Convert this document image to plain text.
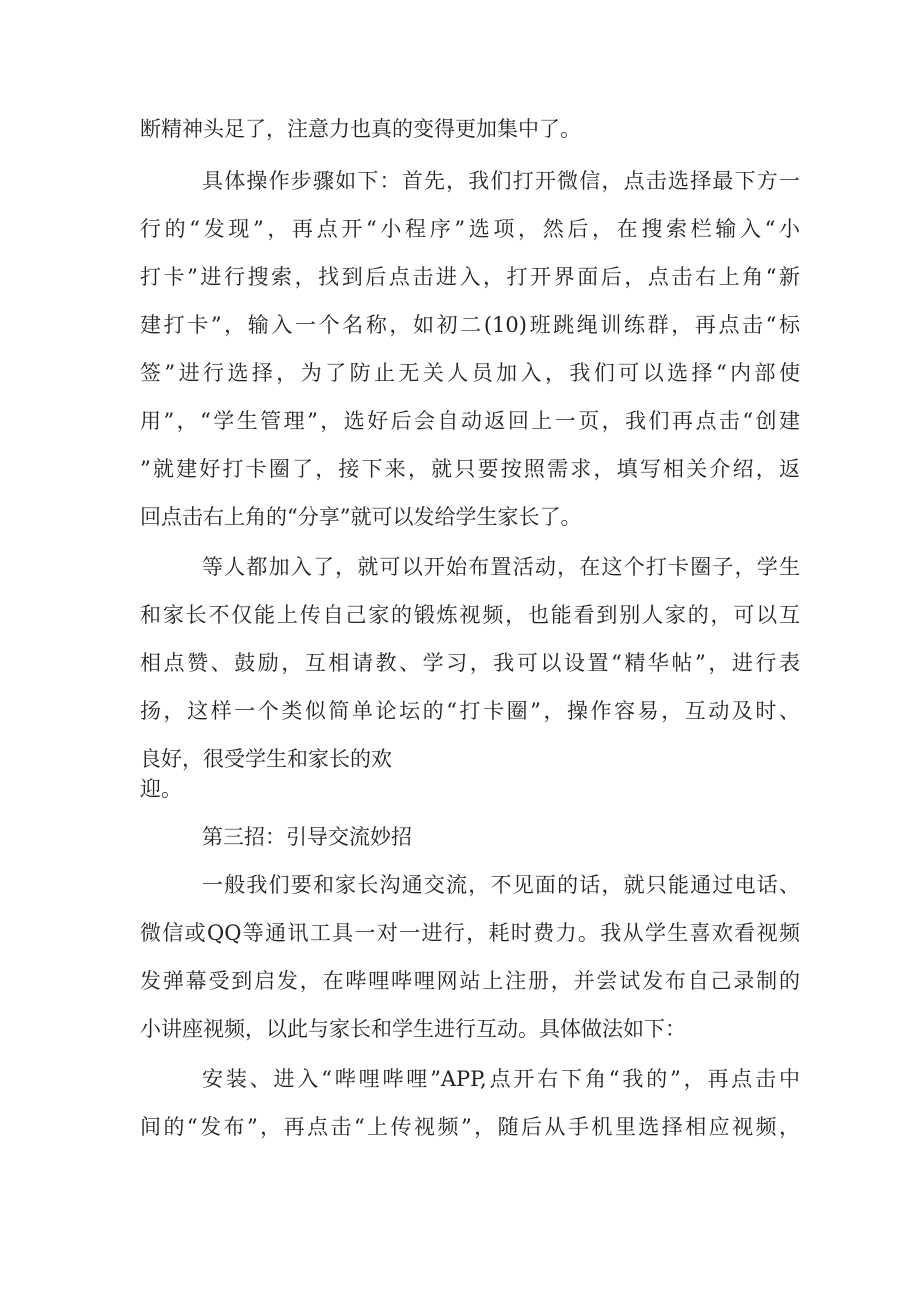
断精神头足了，注意力也真的变得更加集中了。
具体操作步骤如下：首先，我们打开微信，点击选择最下方一
行的“发现”，再点开“小程序”选项，然后，在搜索栏输入“小
打卡”进行搜索，找到后点击进入，打开界面后，点击右上角“新
建打卡”，输入一个名称，如初二(10)班跳绳训练群，再点击“标
签”进行选择，为了防止无关人员加入，我们可以选择“内部使
用”，“学生管理”，选好后会自动返回上一页，我们再点击“创建
”就建好打卡圈了，接下来，就只要按照需求，填写相关介绍，返
回点击右上角的“分享”就可以发给学生家长了。
等人都加入了，就可以开始布置活动，在这个打卡圈子，学生
和家长不仅能上传自己家的锻炼视频，也能看到别人家的，可以互
相点赞、鼓励，互相请教、学习，我可以设置“精华帖”，进行表
扬，这样一个类似简单论坛的“打卡圈”，操作容易，互动及时、
良好，很受学生和家长的欢
迎。
第三招：引导交流妙招
一般我们要和家长沟通交流，不见面的话，就只能通过电话、
微信或QQ等通讯工具一对一进行，耗时费力。我从学生喜欢看视频
发弹幕受到启发，在哔哩哔哩网站上注册，并尝试发布自己录制的
小讲座视频，以此与家长和学生进行互动。具体做法如下：
安装、进入“哔哩哔哩”APP,点开右下角“我的”，再点击中
间的“发布”，再点击“上传视频”，随后从手机里选择相应视频，
